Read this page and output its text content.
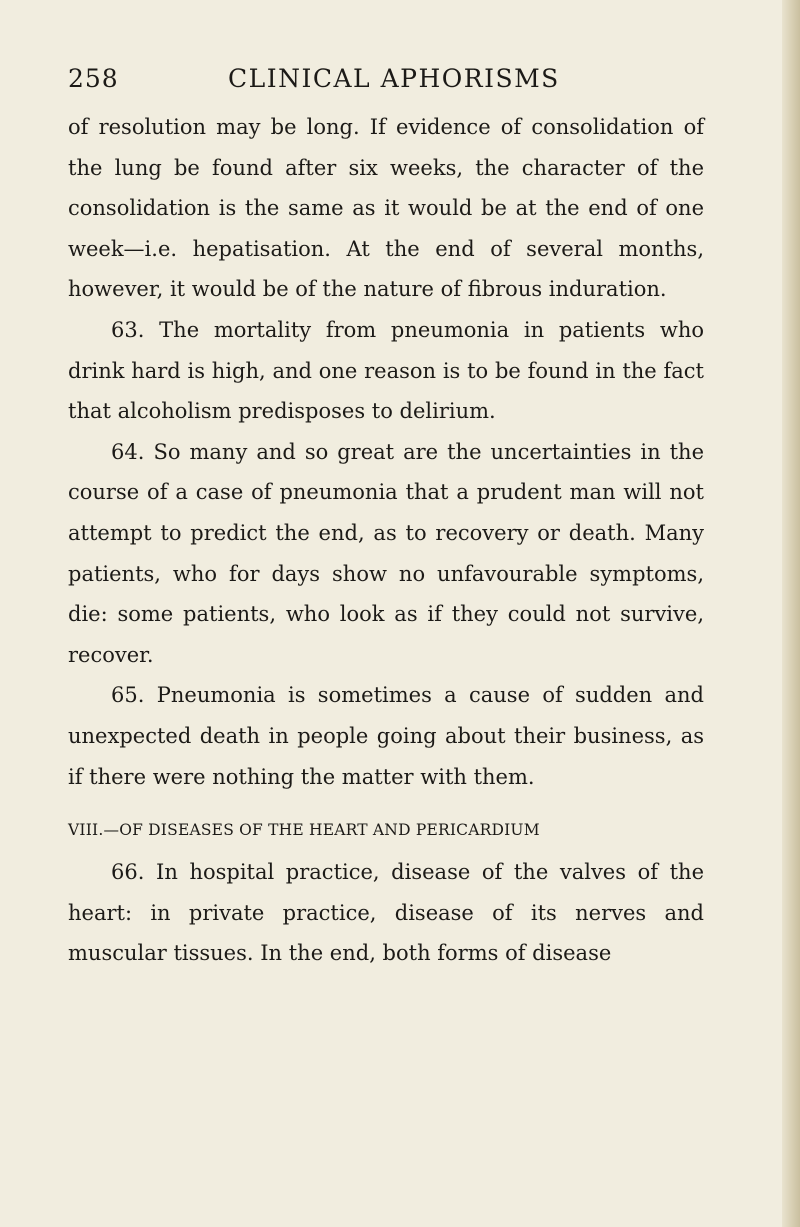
258	CLINICAL APHORISMS

of resolution may be long. If evidence of consolidation of the lung be found after six weeks, the character of the consolidation is the same as it would be at the end of one week—i.e. hepatisation. At the end of several months, however, it would be of the nature of fibrous induration.

63. The mortality from pneumonia in patients who drink hard is high, and one reason is to be found in the fact that alcoholism predisposes to delirium.

64. So many and so great are the uncertainties in the course of a case of pneumonia that a prudent man will not attempt to predict the end, as to recovery or death. Many patients, who for days show no unfavourable symptoms, die: some patients, who look as if they could not survive, recover.

65. Pneumonia is sometimes a cause of sudden and unexpected death in people going about their business, as if there were nothing the matter with them.

VIII.—OF DISEASES OF THE HEART AND PERICARDIUM

66. In hospital practice, disease of the valves of the heart: in private practice, disease of its nerves and muscular tissues. In the end, both forms of disease
